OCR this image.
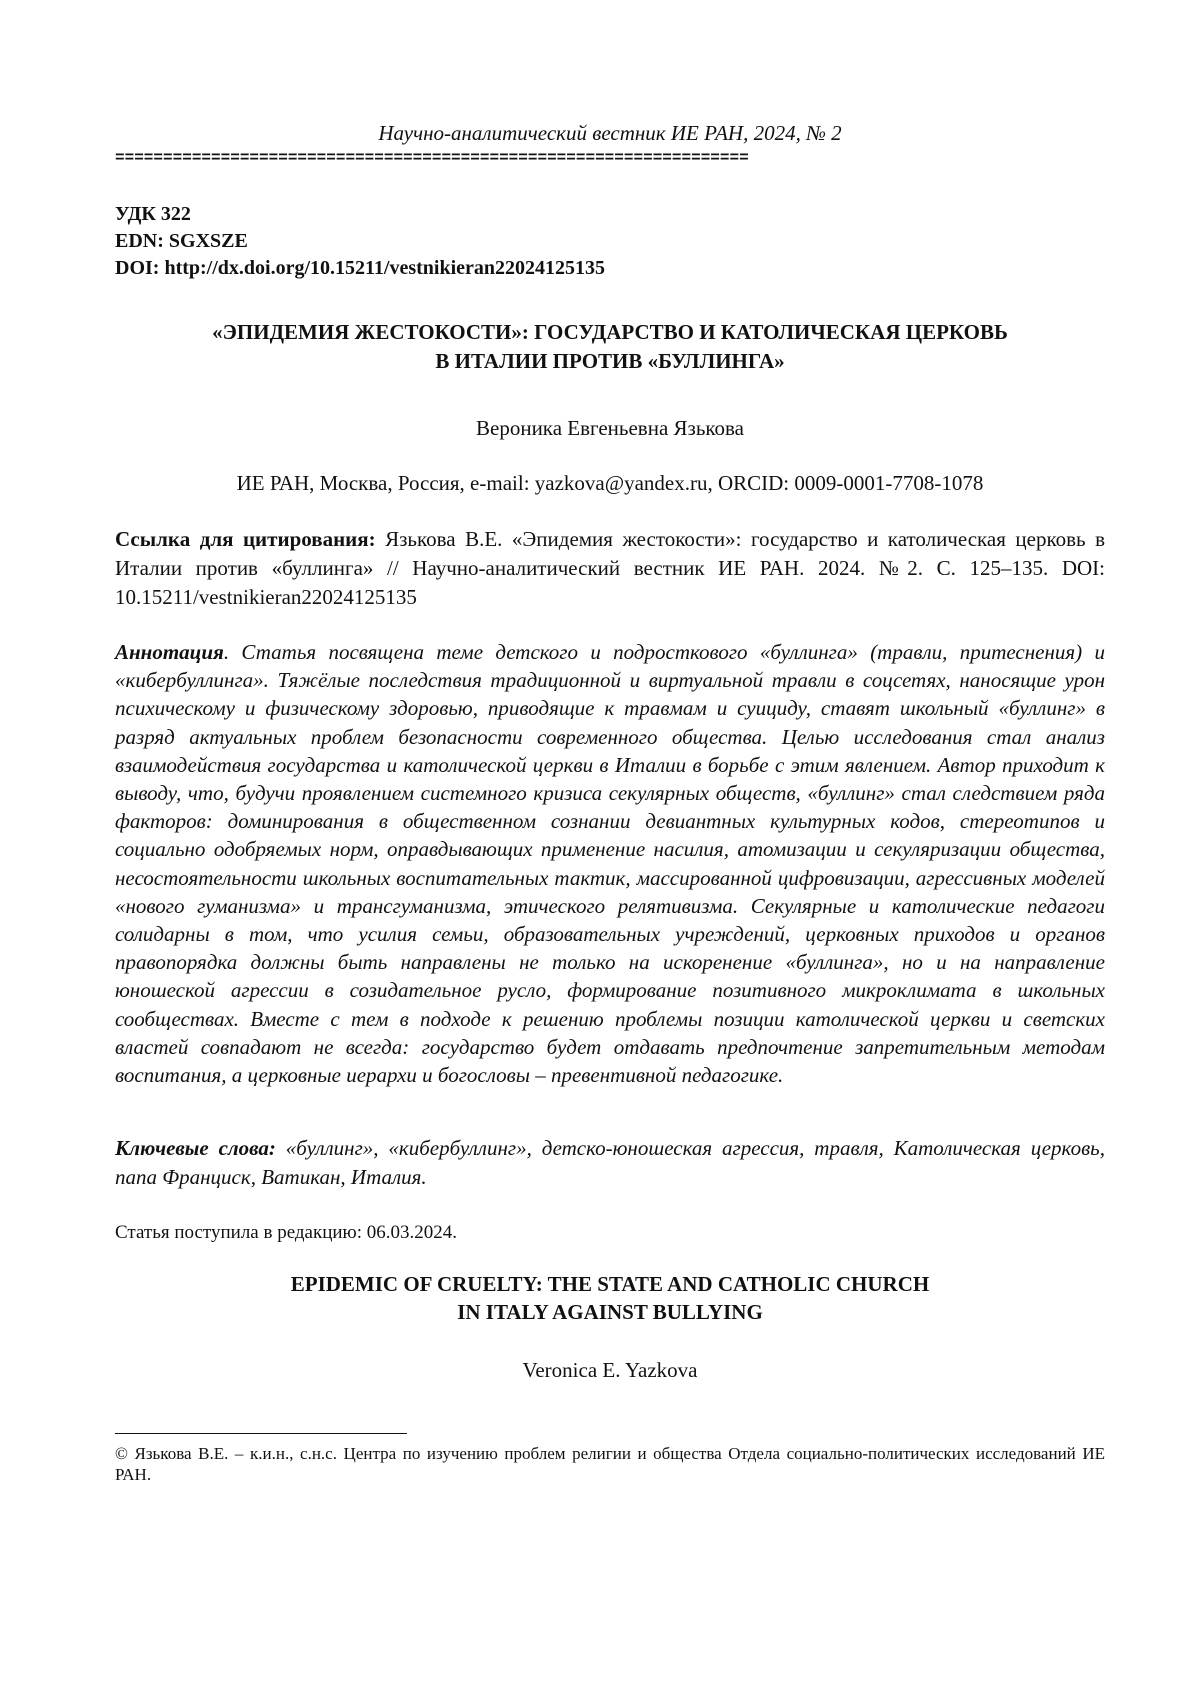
Научно-аналитический вестник ИЕ РАН, 2024, № 2
==================================================================
УДК 322
EDN: SGXSZE
DOI: http://dx.doi.org/10.15211/vestnikieran22024125135
«ЭПИДЕМИЯ ЖЕСТОКОСТИ»: ГОСУДАРСТВО И КАТОЛИЧЕСКАЯ ЦЕРКОВЬ
В ИТАЛИИ ПРОТИВ «БУЛЛИНГА»
Вероника Евгеньевна Язькова
ИЕ РАН, Москва, Россия, e-mail: yazkova@yandex.ru, ORCID: 0009-0001-7708-1078
Ссылка для цитирования: Язькова В.Е. «Эпидемия жестокости»: государство и католическая церковь в Италии против «буллинга» // Научно-аналитический вестник ИЕ РАН. 2024. №2. С. 125–135. DOI: 10.15211/vestnikieran22024125135
Аннотация. Статья посвящена теме детского и подросткового «буллинга» (травли, притеснения) и «кибербуллинга». Тяжёлые последствия традиционной и виртуальной травли в соцсетях, наносящие урон психическому и физическому здоровью, приводящие к травмам и суициду, ставят школьный «буллинг» в разряд актуальных проблем безопасности современного общества. Целью исследования стал анализ взаимодействия государства и католической церкви в Италии в борьбе с этим явлением. Автор приходит к выводу, что, будучи проявлением системного кризиса секулярных обществ, «буллинг» стал следствием ряда факторов: доминирования в общественном сознании девиантных культурных кодов, стереотипов и социально одобряемых норм, оправдывающих применение насилия, атомизации и секуляризации общества, несостоятельности школьных воспитательных тактик, массированной цифровизации, агрессивных моделей «нового гуманизма» и трансгуманизма, этического релятивизма. Секулярные и католические педагоги солидарны в том, что усилия семьи, образовательных учреждений, церковных приходов и органов правопорядка должны быть направлены не только на искоренение «буллинга», но и на направление юношеской агрессии в созидательное русло, формирование позитивного микроклимата в школьных сообществах. Вместе с тем в подходе к решению проблемы позиции католической церкви и светских властей совпадают не всегда: государство будет отдавать предпочтение запретительным методам воспитания, а церковные иерархи и богословы – превентивной педагогике.
Ключевые слова: «буллинг», «кибербуллинг», детско-юношеская агрессия, травля, Католическая церковь, папа Франциск, Ватикан, Италия.
Статья поступила в редакцию: 06.03.2024.
EPIDEMIC OF CRUELTY: THE STATE AND CATHOLIC CHURCH
IN ITALY AGAINST BULLYING
Veronica E. Yazkova
© Язькова В.Е. – к.и.н., с.н.с. Центра по изучению проблем религии и общества Отдела социально-политических исследований ИЕ РАН.
